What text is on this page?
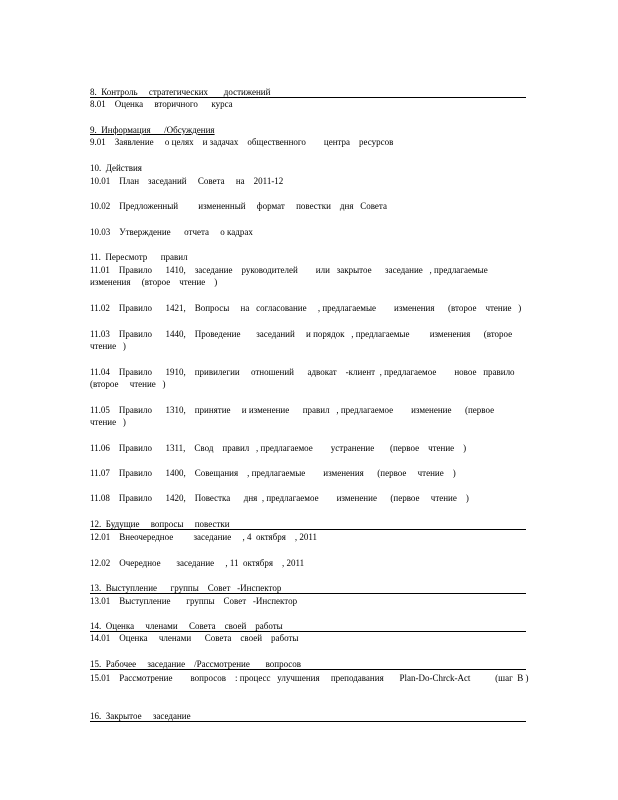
8.  Контроль     стратегических       достижений
8.01    Оценка     вторичного      курса
9.  Информация      /Обсуждения
9.01    Заявление     о целях    и задачах    общественного        центра    ресурсов
10.  Действия
10.01    План    заседаний     Совета     на    2011-12
10.02    Предложенный         измененный     формат     повестки    дня   Совета
10.03    Утверждение      отчета     о кадрах
11.  Пересмотр      правил
11.01    Правило      1410,    заседание    руководителей        или   закрытое      заседание   , предлагаемые
изменения     (второе    чтение    )
11.02    Правило      1421,    Вопросы     на   согласование     , предлагаемые        изменения      (второе    чтение   )
11.03    Правило      1440,    Проведение       заседаний     и порядок   , предлагаемые         изменения      (второе
чтение   )
11.04    Правило      1910,    привилегии     отношений      адвокат    -клиент  , предлагаемое        новое   правило
(второе     чтение   )
11.05    Правило      1310,    принятие     и изменение      правил   , предлагаемое        изменение      (первое
чтение   )
11.06    Правило      1311,    Свод    правил   , предлагаемое        устранение       (первое    чтение    )
11.07    Правило      1400,    Совещания    , предлагаемые        изменения      (первое     чтение    )
11.08    Правило      1420,    Повестка      дня  , предлагаемое        изменение      (первое     чтение    )
12.  Будущие     вопросы     повестки
12.01    Внеочередное         заседание     , 4  октября    , 2011
12.02    Очередное       заседание     , 11  октября    , 2011
13.  Выступление      группы    Совет   -Инспектор
13.01    Выступление       группы    Совет   -Инспектор
14.  Оценка     членами     Совета    своей    работы
14.01    Оценка     членами      Совета    своей    работы
15.  Рабочее     заседание    /Рассмотрение       вопросов
15.01    Рассмотрение        вопросов    : процесс   улучшения     преподавания       Plan-Do-Chrck-Act           (шаг  B )
16.  Закрытое     заседание
